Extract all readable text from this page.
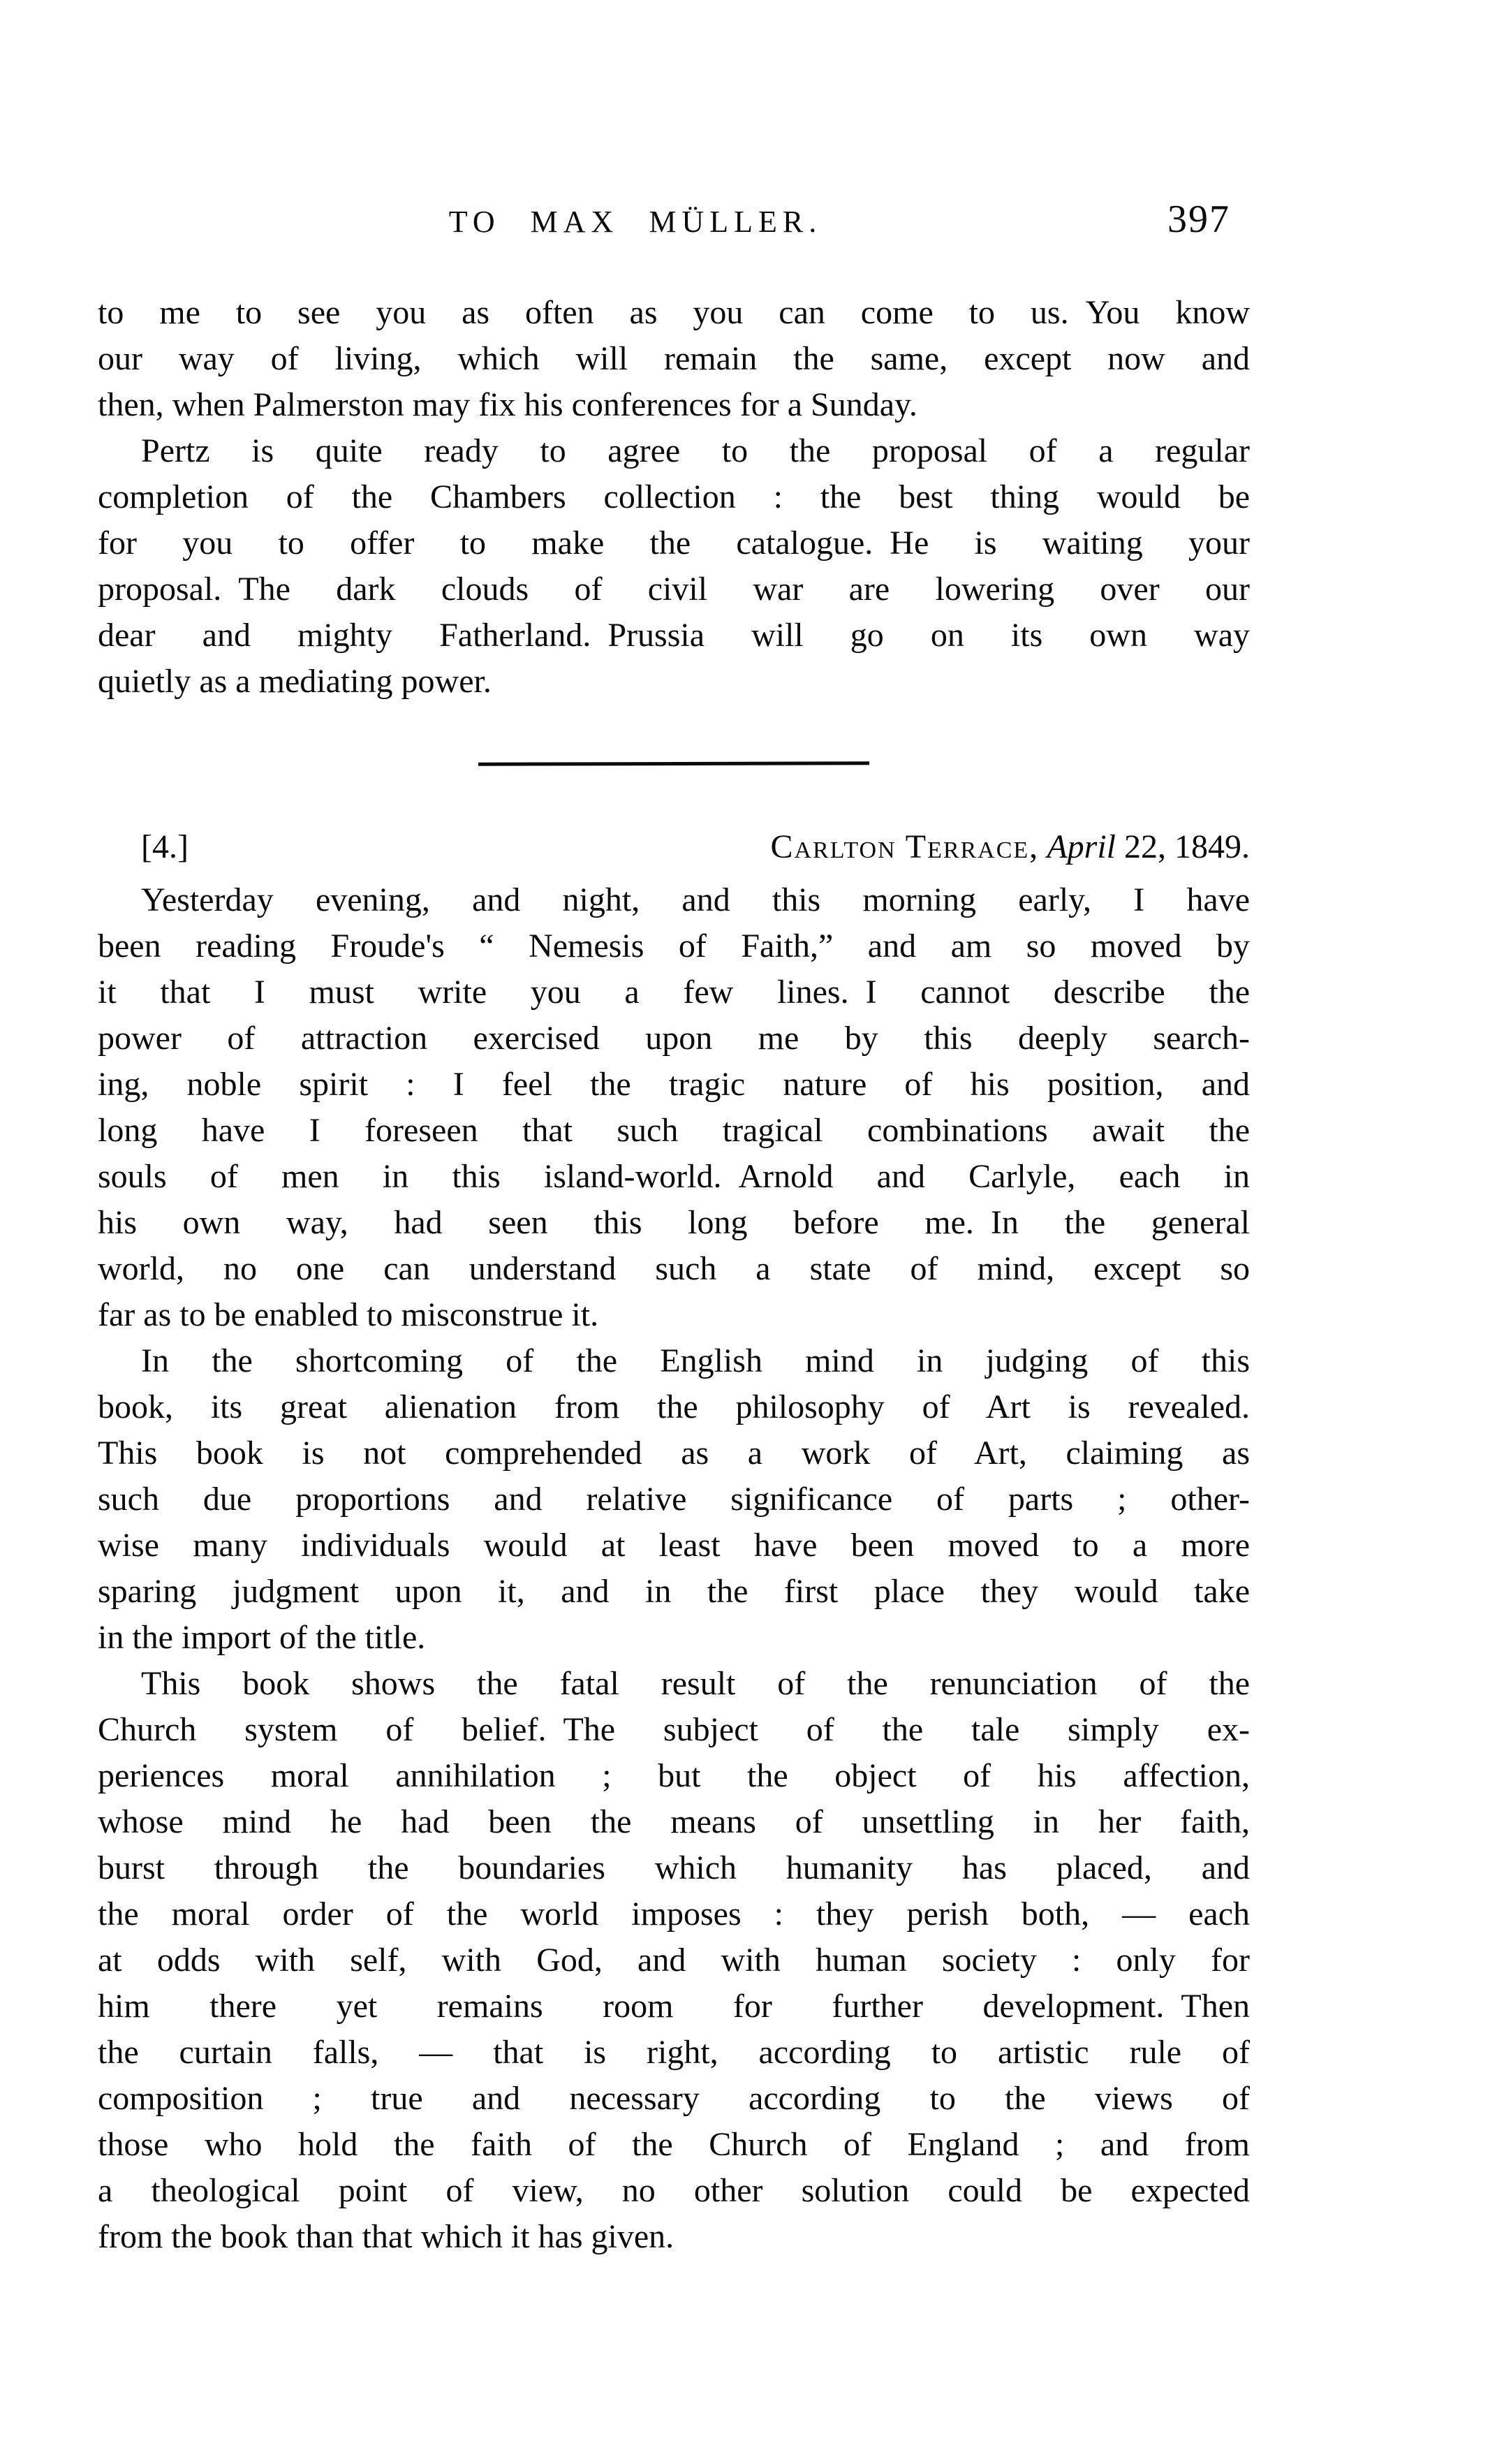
TO MAX MÜLLER.	397
to me to see you as often as you can come to us. You know
our way of living, which will remain the same, except now and
then, when Palmerston may fix his conferences for a Sunday.
Pertz is quite ready to agree to the proposal of a regular
completion of the Chambers collection : the best thing would be
for you to offer to make the catalogue. He is waiting your
proposal. The dark clouds of civil war are lowering over our
dear and mighty Fatherland. Prussia will go on its own way
quietly as a mediating power.
[4.]	Carlton Terrace, April 22, 1849.
Yesterday evening, and night, and this morning early, I have
been reading Froude's “ Nemesis of Faith,” and am so moved by
it that I must write you a few lines. I cannot describe the
power of attraction exercised upon me by this deeply search-
ing, noble spirit : I feel the tragic nature of his position, and
long have I foreseen that such tragical combinations await the
souls of men in this island-world. Arnold and Carlyle, each in
his own way, had seen this long before me. In the general
world, no one can understand such a state of mind, except so
far as to be enabled to misconstrue it.
In the shortcoming of the English mind in judging of this
book, its great alienation from the philosophy of Art is revealed.
This book is not comprehended as a work of Art, claiming as
such due proportions and relative significance of parts ; other-
wise many individuals would at least have been moved to a more
sparing judgment upon it, and in the first place they would take
in the import of the title.
This book shows the fatal result of the renunciation of the
Church system of belief. The subject of the tale simply ex-
periences moral annihilation ; but the object of his affection,
whose mind he had been the means of unsettling in her faith,
burst through the boundaries which humanity has placed, and
the moral order of the world imposes : they perish both, — each
at odds with self, with God, and with human society : only for
him there yet remains room for further development. Then
the curtain falls, — that is right, according to artistic rule of
composition ; true and necessary according to the views of
those who hold the faith of the Church of England ; and from
a theological point of view, no other solution could be expected
from the book than that which it has given.
